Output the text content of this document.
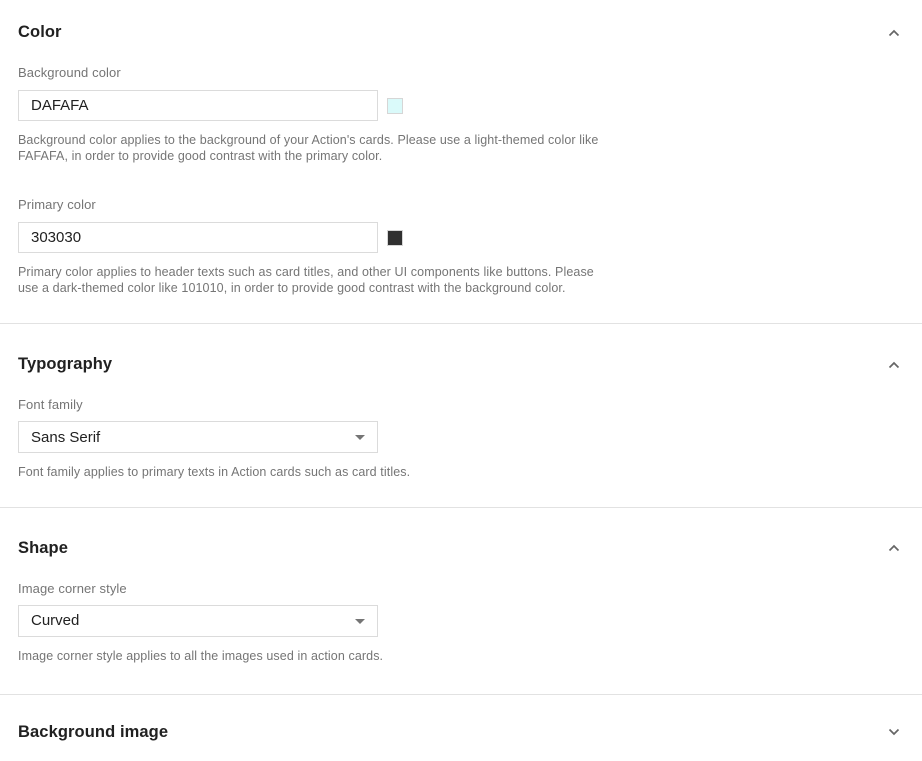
Color
Background color
DAFAFA

Background color applies to the background of your Action's cards. Please use a light-themed color like FAFAFA, in order to provide good contrast with the primary color.

Primary color
303030

Primary color applies to header texts such as card titles, and other UI components like buttons. Please use a dark-themed color like 101010, in order to provide good contrast with the background color.

Typography
Font family
Sans Serif

Font family applies to primary texts in Action cards such as card titles.

Shape
Image corner style
Curved

Image corner style applies to all the images used in action cards.

Background image
